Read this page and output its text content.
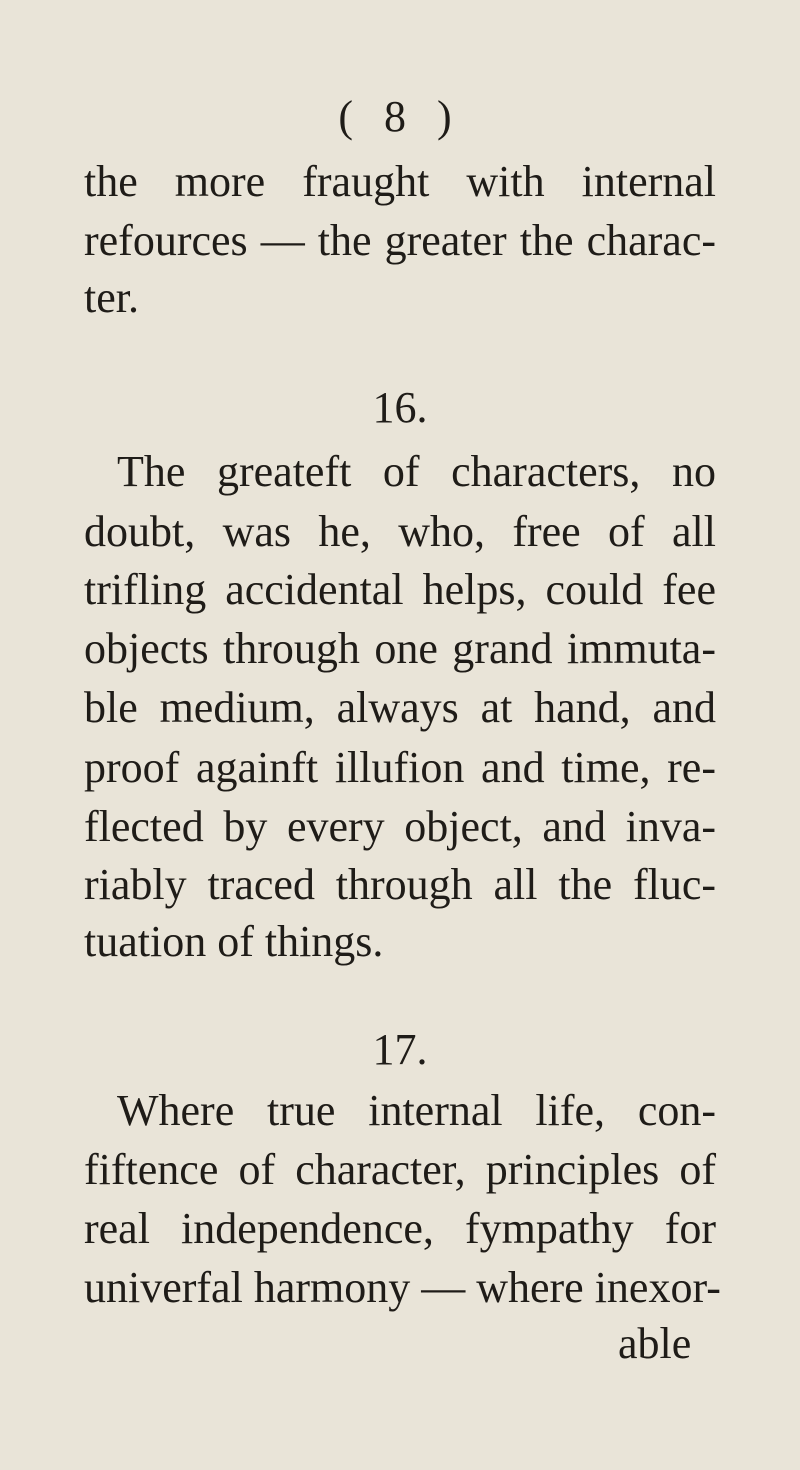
( 8 )
the more fraught with internal
refources — the greater the charac-
ter.
16.
The greateft of characters, no
doubt, was he, who, free of all
trifling accidental helps, could fee
objects through one grand immuta-
ble medium, always at hand, and
proof againft illufion and time, re-
flected by every object, and inva-
riably traced through all the fluc-
tuation of things.
17.
Where true internal life, con-
fiftence of character, principles of
real independence, fympathy for
univerfal harmony — where inexor-
able
